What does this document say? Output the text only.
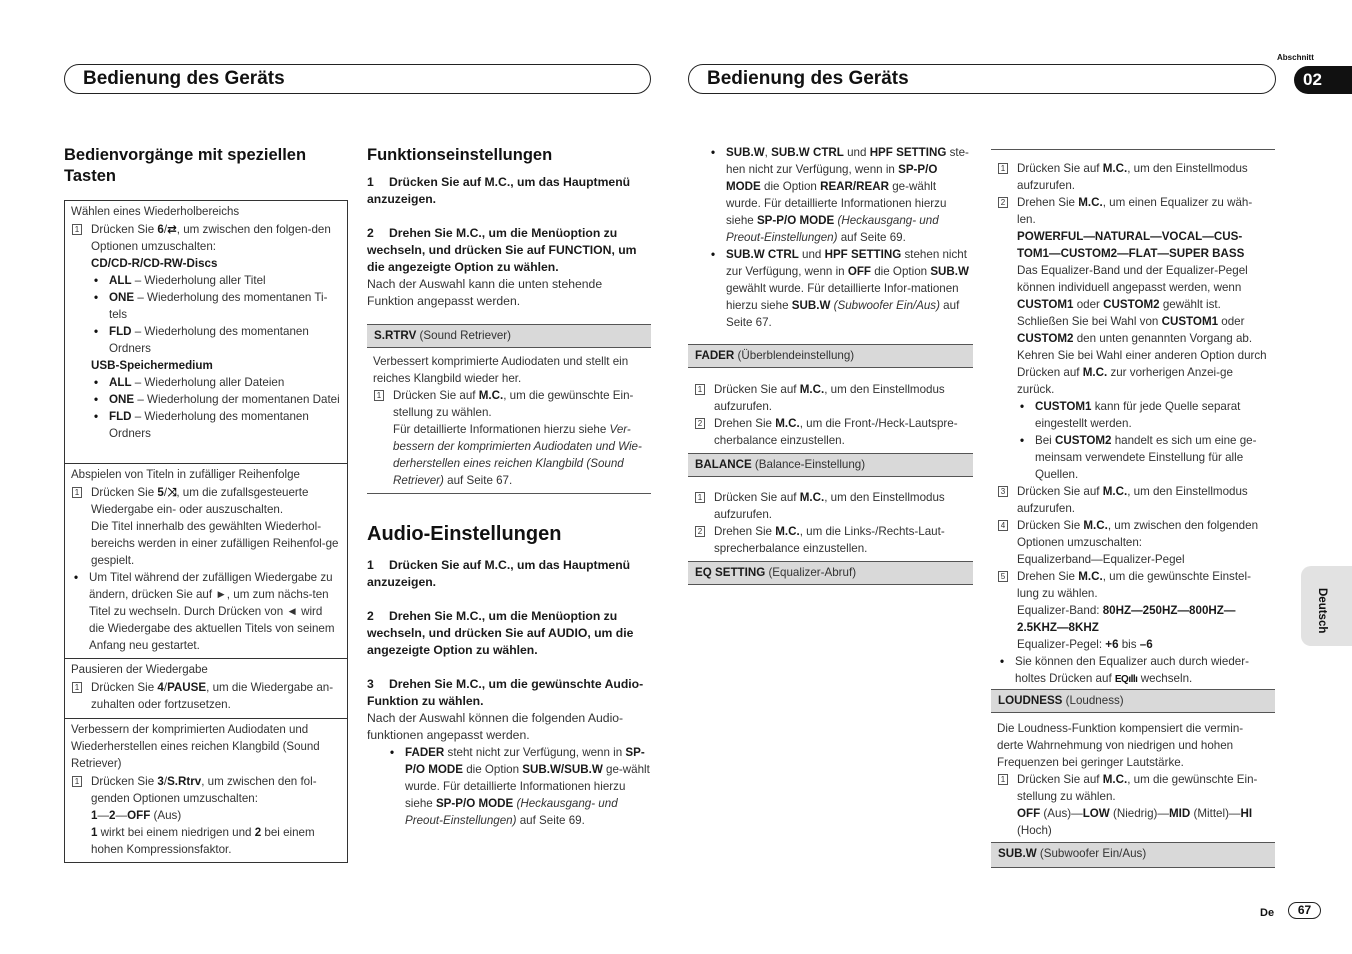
Bedienung des Geräts	Bedienung des Geräts
Abschnitt
02
Deutsch
De	67
Bedienvorgänge mit speziellen Tasten

Wählen eines Wiederholbereichs

1 Drücken Sie 6/⇄, um zwischen den folgen-den Optionen umzuschalten:

CD/CD-R/CD-RW-Discs

• ALL – Wiederholung aller Titel
• ONE – Wiederholung des momentanen Ti-tels
• FLD – Wiederholung des momentanen Ordners

USB-Speichermedium

• ALL – Wiederholung aller Dateien
• ONE – Wiederholung der momentanen Datei
• FLD – Wiederholung des momentanen Ordners

Abspielen von Titeln in zufälliger Reihenfolge

1 Drücken Sie 5/⤨, um die zufallsgesteuerte Wiedergabe ein- oder auszuschalten.

Die Titel innerhalb des gewählten Wiederhol-bereichs werden in einer zufälligen Reihenfol-ge gespielt.

• Um Titel während der zufälligen Wiedergabe zu ändern, drücken Sie auf ►, um zum nächs-ten Titel zu wechseln. Durch Drücken von ◄ wird die Wiedergabe des aktuellen Titels von seinem Anfang neu gestartet.

Pausieren der Wiedergabe

1 Drücken Sie 4/PAUSE, um die Wiedergabe an-zuhalten oder fortzusetzen.

Verbessern der komprimierten Audiodaten und Wiederherstellen eines reichen Klangbild (Sound Retriever)

1 Drücken Sie 3/S.Rtrv, um zwischen den fol-genden Optionen umzuschalten:

1—2—OFF (Aus)

1 wirkt bei einem niedrigen und 2 bei einem hohen Kompressionsfaktor.

Funktionseinstellungen

1 Drücken Sie auf M.C., um das Hauptmenü anzuzeigen.

2 Drehen Sie M.C., um die Menüoption zu wechseln, und drücken Sie auf FUNCTION, um die angezeigte Option zu wählen.

Nach der Auswahl kann die unten stehende Funktion angepasst werden.

S.RTRV (Sound Retriever)

Verbessert komprimierte Audiodaten und stellt ein reiches Klangbild wieder her.

1 Drücken Sie auf M.C., um die gewünschte Ein-stellung zu wählen.

Für detaillierte Informationen hierzu siehe Ver-bessern der komprimierten Audiodaten und Wie-derherstellen eines reichen Klangbild (Sound Retriever) auf Seite 67.

Audio-Einstellungen

1 Drücken Sie auf M.C., um das Hauptmenü anzuzeigen.

2 Drehen Sie M.C., um die Menüoption zu wechseln, und drücken Sie auf AUDIO, um die angezeigte Option zu wählen.

3 Drehen Sie M.C., um die gewünschte Audio-Funktion zu wählen.

Nach der Auswahl können die folgenden Audio-funktionen angepasst werden.

• FADER steht nicht zur Verfügung, wenn in SP-P/O MODE die Option SUB.W/SUB.W ge-wählt wurde. Für detaillierte Informationen hierzu siehe SP-P/O MODE (Heckausgang- und Preout-Einstellungen) auf Seite 69.
• SUB.W, SUB.W CTRL und HPF SETTING ste-hen nicht zur Verfügung, wenn in SP-P/O MODE die Option REAR/REAR ge-wählt wurde. Für detaillierte Informationen hierzu siehe SP-P/O MODE (Heckausgang- und Preout-Einstellungen) auf Seite 69.
• SUB.W CTRL und HPF SETTING stehen nicht zur Verfügung, wenn in OFF die Option SUB.W gewählt wurde. Für detaillierte Infor-mationen hierzu siehe SUB.W (Subwoofer Ein/Aus) auf Seite 67.
FADER (Überblendeinstellung)
1 Drücken Sie auf M.C., um den Einstellmodus aufzurufen.
2 Drehen Sie M.C., um die Front-/Heck-Lautspre-cherbalance einzustellen.
BALANCE (Balance-Einstellung)
1 Drücken Sie auf M.C., um den Einstellmodus aufzurufen.
2 Drehen Sie M.C., um die Links-/Rechts-Laut-sprecherbalance einzustellen.
EQ SETTING (Equalizer-Abruf)
1 Drücken Sie auf M.C., um den Einstellmodus aufzurufen.
2 Drehen Sie M.C., um einen Equalizer zu wäh-len.

POWERFUL—NATURAL—VOCAL—CUS-TOM1—CUSTOM2—FLAT—SUPER BASS

Das Equalizer-Band und der Equalizer-Pegel können individuell angepasst werden, wenn CUSTOM1 oder CUSTOM2 gewählt ist.

Schließen Sie bei Wahl von CUSTOM1 oder CUSTOM2 den unten genannten Vorgang ab. Kehren Sie bei Wahl einer anderen Option durch Drücken auf M.C. zur vorherigen Anzei-ge zurück.

• CUSTOM1 kann für jede Quelle separat eingestellt werden.
• Bei CUSTOM2 handelt es sich um eine ge-meinsam verwendete Einstellung für alle Quellen.
3 Drücken Sie auf M.C., um den Einstellmodus aufzurufen.
4 Drücken Sie M.C., um zwischen den folgenden Optionen umzuschalten:

Equalizerband—Equalizer-Pegel

5 Drehen Sie M.C., um die gewünschte Einstel-lung zu wählen.

Equalizer-Band: 80HZ—250HZ—800HZ—2.5KHZ—8KHZ

Equalizer-Pegel: +6 bis –6

• Sie können den Equalizer auch durch wieder-holtes Drücken auf EQıllı wechseln.
LOUDNESS (Loudness)

Die Loudness-Funktion kompensiert die vermin-derte Wahrnehmung von niedrigen und hohen Frequenzen bei geringer Lautstärke.

1 Drücken Sie auf M.C., um die gewünschte Ein-stellung zu wählen.

OFF (Aus)—LOW (Niedrig)—MID (Mittel)—HI (Hoch)

SUB.W (Subwoofer Ein/Aus)
